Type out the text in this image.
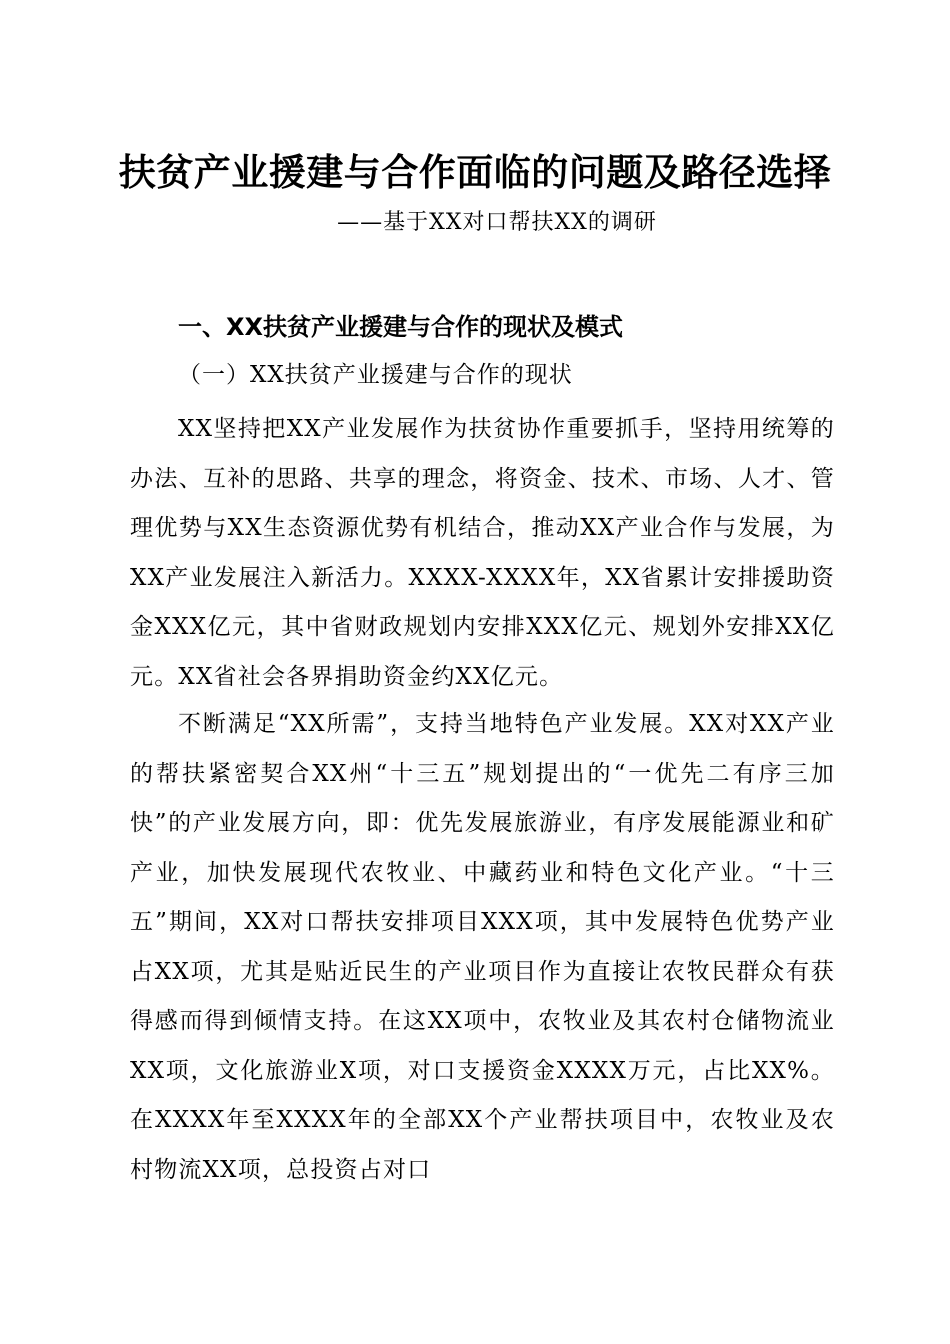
扶贫产业援建与合作面临的问题及路径选择
——基于XX对口帮扶XX的调研
一、XX扶贫产业援建与合作的现状及模式
（一）XX扶贫产业援建与合作的现状

XX坚持把XX产业发展作为扶贫协作重要抓手，坚持用统筹的办法、互补的思路、共享的理念，将资金、技术、市场、人才、管理优势与XX生态资源优势有机结合，推动XX产业合作与发展，为XX产业发展注入新活力。XXXX-XXXX年，XX省累计安排援助资金XXX亿元，其中省财政规划内安排XXX亿元、规划外安排XX亿元。XX省社会各界捐助资金约XX亿元。

不断满足“XX所需”，支持当地特色产业发展。XX对XX产业的帮扶紧密契合XX州“十三五”规划提出的“一优先二有序三加快”的产业发展方向，即：优先发展旅游业，有序发展能源业和矿产业，加快发展现代农牧业、中藏药业和特色文化产业。“十三五”期间，XX对口帮扶安排项目XXX项，其中发展特色优势产业占XX项，尤其是贴近民生的产业项目作为直接让农牧民群众有获得感而得到倾情支持。在这XX项中，农牧业及其农村仓储物流业XX项，文化旅游业X项，对口支援资金XXXX万元，占比XX%。在XXXX年至XXXX年的全部XX个产业帮扶项目中，农牧业及农村物流XX项，总投资占对口
